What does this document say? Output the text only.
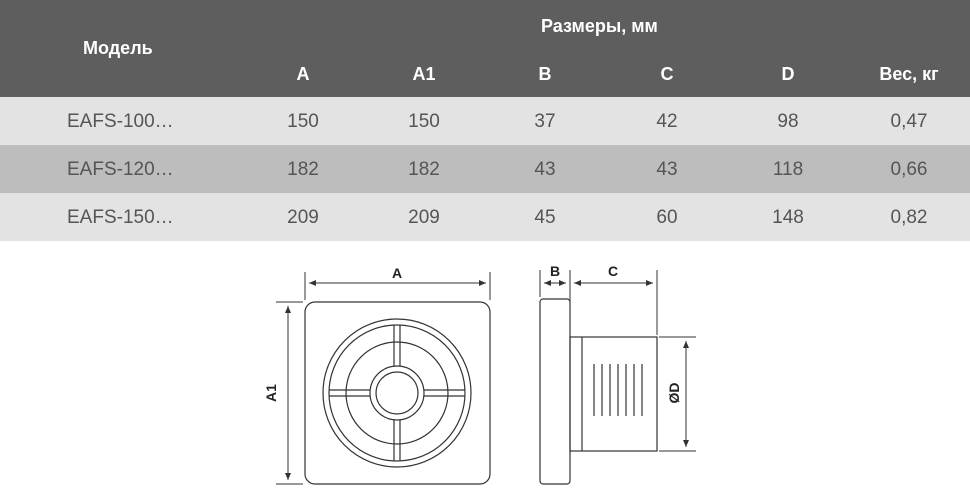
Модель
Размеры, мм
A	A1	B	C	D	Вес, кг
EAFS-100…	150	150	37	42	98	0,47
EAFS-120…	182	182	43	43	118	0,66
EAFS-150…	209	209	45	60	148	0,82
A
A1
B	C
ØD
